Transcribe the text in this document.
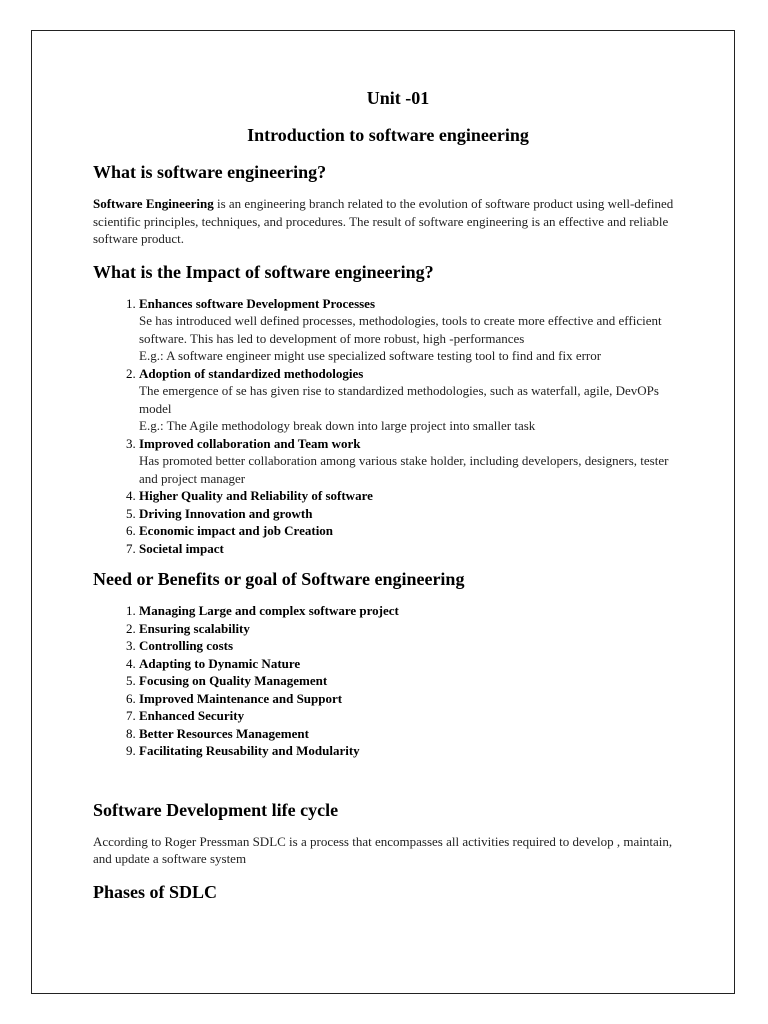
Unit -01
Introduction to software engineering
What is software engineering?

Software Engineering is an engineering branch related to the evolution of software product using well-defined scientific principles, techniques, and procedures. The result of software engineering is an effective and reliable software product.

What is the Impact of software engineering?
1. Enhances software Development Processes
Se has introduced well defined processes, methodologies, tools to create more effective and efficient software. This has led to development of more robust, high -performances
E.g.: A software engineer might use specialized software testing tool to find and fix error
2. Adoption of standardized methodologies
The emergence of se has given rise to standardized methodologies, such as waterfall, agile, DevOPs model
E.g.: The Agile methodology break down into large project into smaller task
3. Improved collaboration and Team work
Has promoted better collaboration among various stake holder, including developers, designers, tester and project manager
4. Higher Quality and Reliability of software
5. Driving Innovation and growth
6. Economic impact and job Creation
7. Societal impact
Need or Benefits or goal of Software engineering
1. Managing Large and complex software project
2. Ensuring scalability
3. Controlling costs
4. Adapting to Dynamic Nature
5. Focusing on Quality Management
6. Improved Maintenance and Support
7. Enhanced Security
8. Better Resources Management
9. Facilitating Reusability and Modularity
Software Development life cycle

According to Roger Pressman SDLC is a process that encompasses all activities required to develop , maintain, and update a software system

Phases of SDLC
